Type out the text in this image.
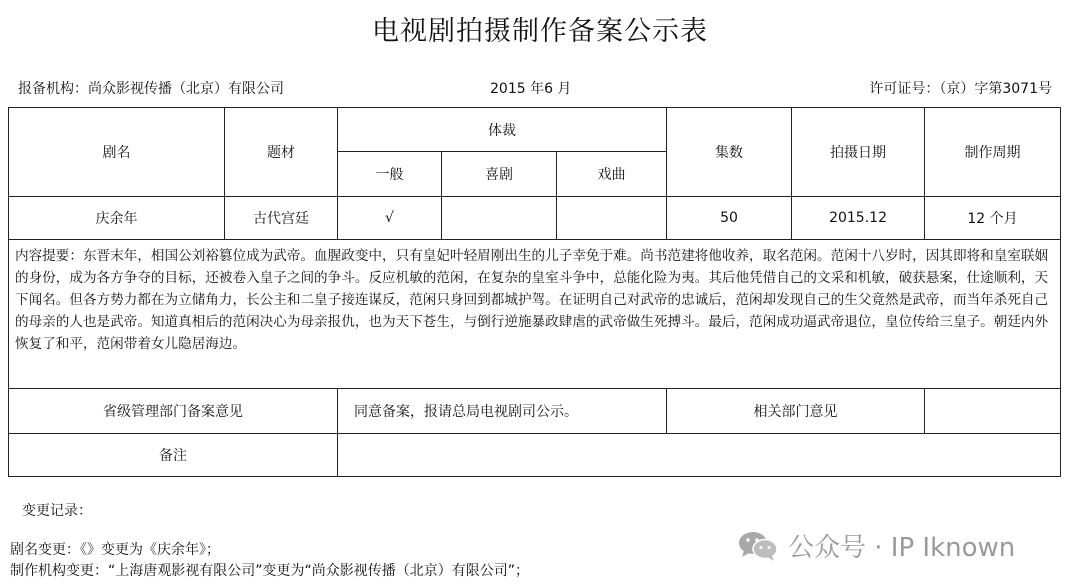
电视剧拍摄制作备案公示表
报备机构：尚众影视传播（北京）有限公司	2015 年6 月	许可证号：（京）字第3071号
剧名	题材	体裁			集数	拍摄日期	制作周期
		一般	喜剧	戏曲			
庆余年	古代宫廷	√			50	2015.12	12 个月
内容提要：东晋末年，相国公刘裕篡位成为武帝。血腥政变中，只有皇妃叶轻眉刚出生的儿子幸免于难。尚书范建将他收养，取名范闲。范闲十八岁时，因其即将和皇室联姻的身份，成为各方争夺的目标，还被卷入皇子之间的争斗。反应机敏的范闲，在复杂的皇室斗争中，总能化险为夷。其后他凭借自己的文采和机敏，破获悬案，仕途顺利，天下闻名。但各方势力都在为立储角力，长公主和二皇子接连谋反，范闲只身回到都城护驾。在证明自己对武帝的忠诚后，范闲却发现自己的生父竟然是武帝，而当年杀死自己的母亲的人也是武帝。知道真相后的范闲决心为母亲报仇，也为天下苍生，与倒行逆施暴政肆虐的武帝做生死搏斗。最后，范闲成功逼武帝退位，皇位传给三皇子。朝廷内外恢复了和平，范闲带着女儿隐居海边。							
省级管理部门备案意见		同意备案，报请总局电视剧司公示。			相关部门意见		
备注							
变更记录：
剧名变更：《》变更为《庆余年》；
制作机构变更：“上海唐观影视有限公司”变更为“尚众影视传播（北京）有限公司”；
公众号 · IP Iknown
